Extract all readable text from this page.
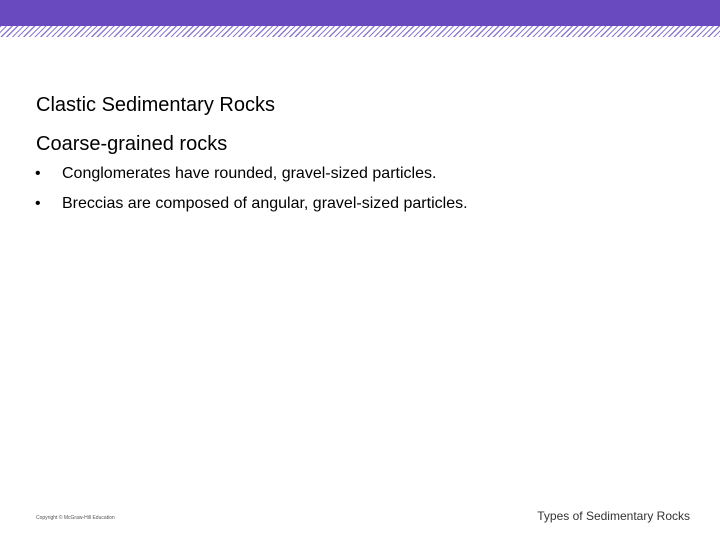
Clastic Sedimentary Rocks
Coarse-grained rocks
• Conglomerates have rounded, gravel-sized particles.
• Breccias are composed of angular, gravel-sized particles.
Copyright © McGraw-Hill Education	Types of Sedimentary Rocks
